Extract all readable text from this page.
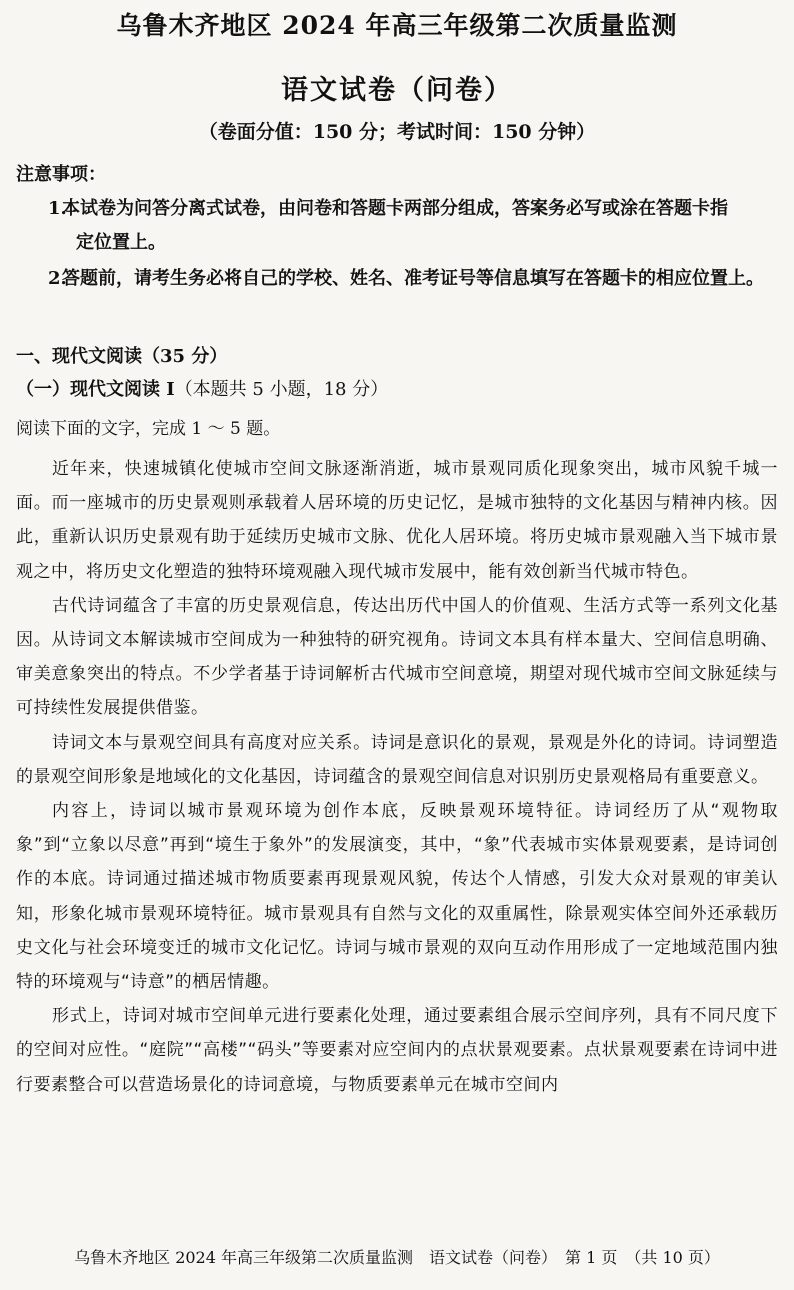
乌鲁木齐地区 2024 年高三年级第二次质量监测
语文试卷（问卷）
（卷面分值：150 分；考试时间：150 分钟）
注意事项：
1.本试卷为问答分离式试卷，由问卷和答题卡两部分组成，答案务必写或涂在答题卡指
定位置上。
2.答题前，请考生务必将自己的学校、姓名、准考证号等信息填写在答题卡的相应位置上。
一、现代文阅读（35 分）
（一）现代文阅读 I（本题共 5 小题，18 分）
阅读下面的文字，完成 1 ～ 5 题。

近年来，快速城镇化使城市空间文脉逐渐消逝，城市景观同质化现象突出，城市风貌千城一面。而一座城市的历史景观则承载着人居环境的历史记忆，是城市独特的文化基因与精神内核。因此，重新认识历史景观有助于延续历史城市文脉、优化人居环境。将历史城市景观融入当下城市景观之中，将历史文化塑造的独特环境观融入现代城市发展中，能有效创新当代城市特色。

古代诗词蕴含了丰富的历史景观信息，传达出历代中国人的价值观、生活方式等一系列文化基因。从诗词文本解读城市空间成为一种独特的研究视角。诗词文本具有样本量大、空间信息明确、审美意象突出的特点。不少学者基于诗词解析古代城市空间意境，期望对现代城市空间文脉延续与可持续性发展提供借鉴。

诗词文本与景观空间具有高度对应关系。诗词是意识化的景观，景观是外化的诗词。诗词塑造的景观空间形象是地域化的文化基因，诗词蕴含的景观空间信息对识别历史景观格局有重要意义。

内容上，诗词以城市景观环境为创作本底，反映景观环境特征。诗词经历了从“观物取象”到“立象以尽意”再到“境生于象外”的发展演变，其中，“象”代表城市实体景观要素，是诗词创作的本底。诗词通过描述城市物质要素再现景观风貌，传达个人情感，引发大众对景观的审美认知，形象化城市景观环境特征。城市景观具有自然与文化的双重属性，除景观实体空间外还承载历史文化与社会环境变迁的城市文化记忆。诗词与城市景观的双向互动作用形成了一定地域范围内独特的环境观与“诗意”的栖居情趣。

形式上，诗词对城市空间单元进行要素化处理，通过要素组合展示空间序列，具有不同尺度下的空间对应性。“庭院”“高楼”“码头”等要素对应空间内的点状景观要素。点状景观要素在诗词中进行要素整合可以营造场景化的诗词意境，与物质要素单元在城市空间内

乌鲁木齐地区 2024 年高三年级第二次质量监测　语文试卷（问卷）　第 1 页　（共 10 页）
